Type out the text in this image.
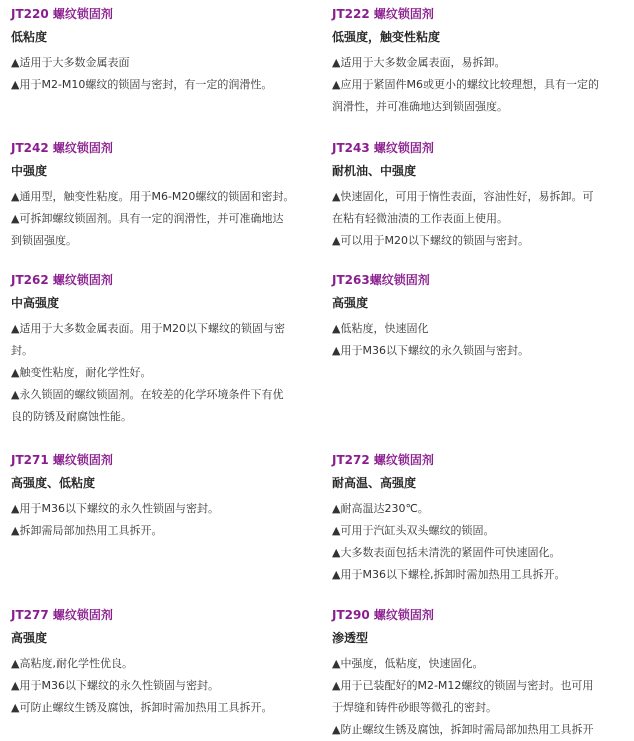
JT220 螺纹锁固剂
低粘度

▲适用于大多数金属表面

▲用于M2-M10螺纹的锁固与密封，有一定的润滑性。

JT222 螺纹锁固剂
低强度，触变性粘度

▲适用于大多数金属表面，易拆卸。

▲应用于紧固件M6或更小的螺纹比较理想，具有一定的

润滑性，并可准确地达到锁固强度。

JT242 螺纹锁固剂
中强度

▲通用型，触变性粘度。用于M6-M20螺纹的锁固和密封。

▲可拆卸螺纹锁固剂。具有一定的润滑性，并可准确地达

到锁固强度。

JT243 螺纹锁固剂
耐机油、中强度

▲快速固化，可用于惰性表面，容油性好，易拆卸。可

在粘有轻微油渍的工作表面上使用。

▲可以用于M20以下螺纹的锁固与密封。

JT262 螺纹锁固剂
中高强度

▲适用于大多数金属表面。用于M20以下螺纹的锁固与密

封。

▲触变性粘度，耐化学性好。

▲永久锁固的螺纹锁固剂。在较差的化学环境条件下有优

良的防锈及耐腐蚀性能。

JT263螺纹锁固剂
高强度

▲低粘度，快速固化

▲用于M36以下螺纹的永久锁固与密封。

JT271 螺纹锁固剂
高强度、低粘度

▲用于M36以下螺纹的永久性锁固与密封。

▲拆卸需局部加热用工具拆开。

JT272 螺纹锁固剂
耐高温、高强度

▲耐高温达230℃。

▲可用于汽缸头双头螺纹的锁固。

▲大多数表面包括未清洗的紧固件可快速固化。

▲用于M36以下螺栓,拆卸时需加热用工具拆开。

JT277 螺纹锁固剂
高强度

▲高粘度,耐化学性优良。

▲用于M36以下螺纹的永久性锁固与密封。

▲可防止螺纹生锈及腐蚀，拆卸时需加热用工具拆开。

JT290 螺纹锁固剂
渗透型

▲中强度，低粘度，快速固化。

▲用于已装配好的M2-M12螺纹的锁固与密封。也可用

于焊缝和铸件砂眼等微孔的密封。

▲防止螺纹生锈及腐蚀，拆卸时需局部加热用工具拆开
